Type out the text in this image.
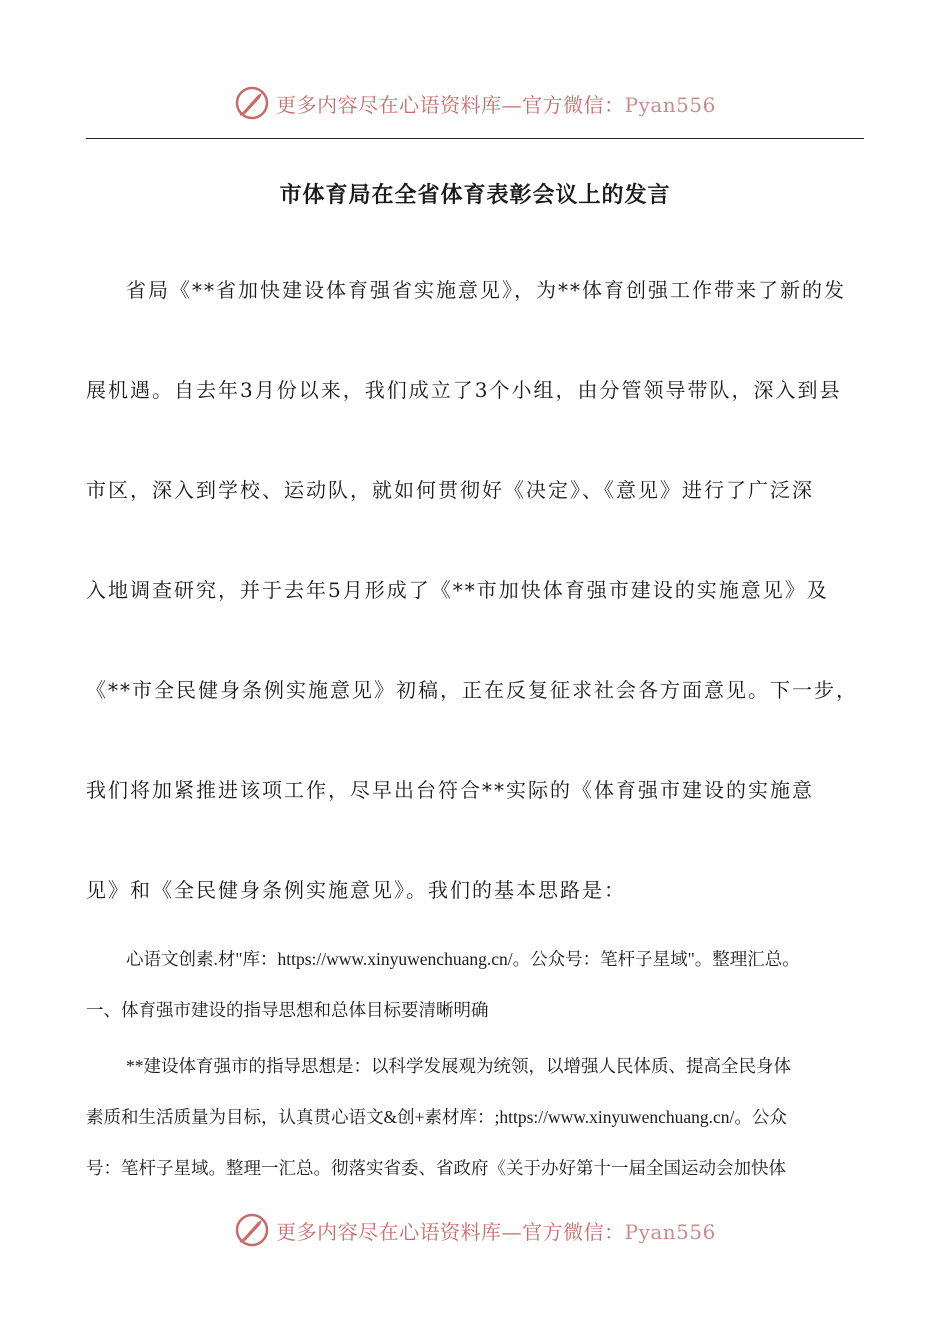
更多内容尽在心语资料库—官方微信：Pyan556
市体育局在全省体育表彰会议上的发言
省局《**省加快建设体育强省实施意见》，为**体育创强工作带来了新的发
展机遇。自去年3月份以来，我们成立了3个小组，由分管领导带队，深入到县
市区，深入到学校、运动队，就如何贯彻好《决定》、《意见》进行了广泛深
入地调查研究，并于去年5月形成了《**市加快体育强市建设的实施意见》及
《**市全民健身条例实施意见》初稿，正在反复征求社会各方面意见。下一步，
我们将加紧推进该项工作，尽早出台符合**实际的《体育强市建设的实施意
见》和《全民健身条例实施意见》。我们的基本思路是：
心语文创素.材"库：https://www.xinyuwenchuang.cn/。公众号：笔杆子星域"。整理汇总。
一、体育强市建设的指导思想和总体目标要清晰明确
**建设体育强市的指导思想是：以科学发展观为统领，以增强人民体质、提高全民身体
素质和生活质量为目标，认真贯心语文&创+素材库：;https://www.xinyuwenchuang.cn/。公众
号：笔杆子星域。整理一汇总。彻落实省委、省政府《关于办好第十一届全国运动会加快体
更多内容尽在心语资料库—官方微信：Pyan556
